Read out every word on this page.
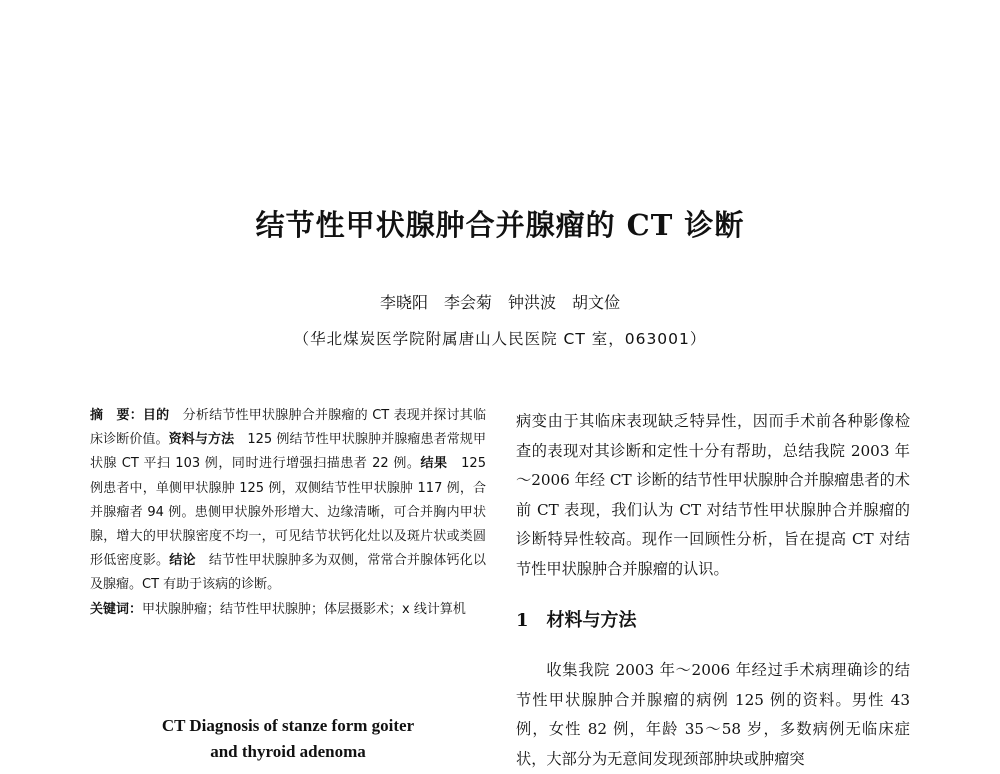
结节性甲状腺肿合并腺瘤的 CT 诊断
李晓阳　李会菊　钟洪波　胡文俭
（华北煤炭医学院附属唐山人民医院 CT 室，063001）

摘　要：目的　 分析结节性甲状腺肿合并腺瘤的 CT 表现并探讨其临床诊断价值。资料与方法　 125 例结节性甲状腺肿并腺瘤患者常规甲状腺 CT 平扫 103 例，同时进行增强扫描患者 22 例。结果　 125 例患者中，单侧甲状腺肿 125 例，双侧结节性甲状腺肿 117 例，合并腺瘤者 94 例。患侧甲状腺外形增大、边缘清晰，可合并胸内甲状腺，增大的甲状腺密度不均一，可见结节状钙化灶以及斑片状或类圆形低密度影。结论　 结节性甲状腺肿多为双侧，常常合并腺体钙化以及腺瘤。CT 有助于该病的诊断。

关键词：甲状腺肿瘤；结节性甲状腺肿；体层摄影术；x 线计算机

CT Diagnosis of stanze form goiter
and thyroid adenoma

病变由于其临床表现缺乏特异性，因而手术前各种影像检查的表现对其诊断和定性十分有帮助，总结我院 2003 年～2006 年经 CT 诊断的结节性甲状腺肿合并腺瘤患者的术前 CT 表现，我们认为 CT 对结节性甲状腺肿合并腺瘤的诊断特异性较高。现作一回顾性分析，旨在提高 CT 对结节性甲状腺肿合并腺瘤的认识。

1　材料与方法

收集我院 2003 年～2006 年经过手术病理确诊的结节性甲状腺肿合并腺瘤的病例 125 例的资料。男性 43 例，女性 82 例，年龄 35～58 岁，多数病例无临床症状，大部分为无意间发现颈部肿块或肿瘤突
